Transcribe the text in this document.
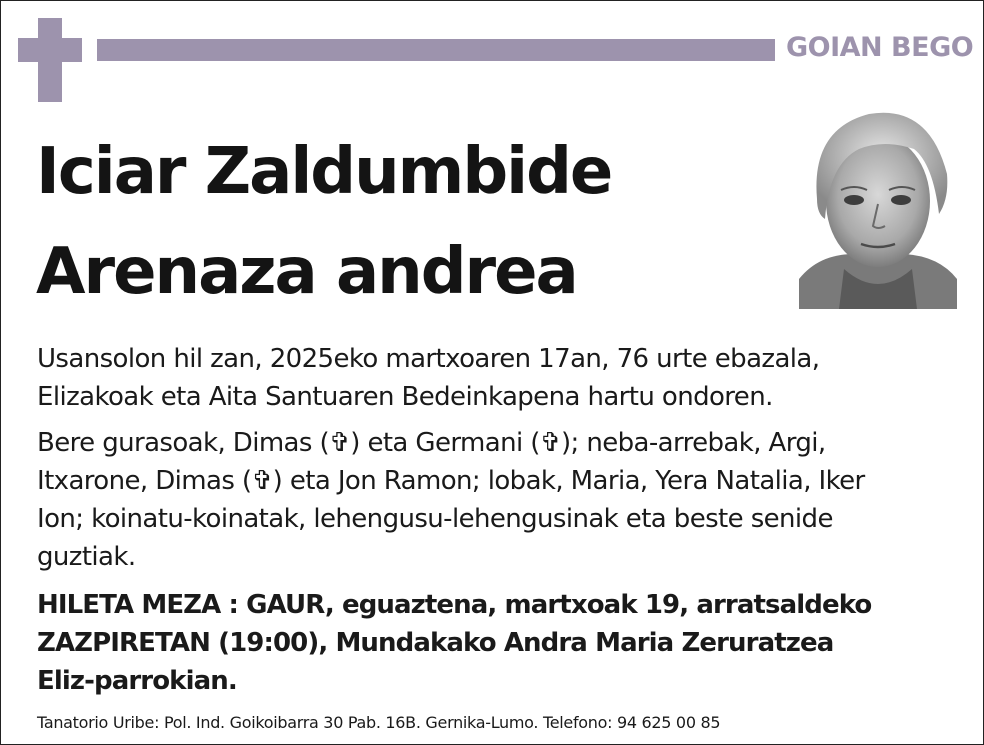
GOIAN BEGO
Iciar Zaldumbide
Arenaza andrea
Usansolon hil zan, 2025eko martxoaren 17an, 76 urte ebazala,
Elizakoak eta Aita Santuaren Bedeinkapena hartu ondoren.
Bere gurasoak, Dimas (✞) eta Germani (✞); neba-arrebak, Argi,
Itxarone, Dimas (✞) eta Jon Ramon; lobak, Maria, Yera Natalia, Iker
Ion; koinatu-koinatak, lehengusu-lehengusinak eta beste senide
guztiak.
HILETA MEZA : GAUR, eguaztena, martxoak 19, arratsaldeko
ZAZPIRETAN (19:00), Mundakako Andra Maria Zeruratzea
Eliz-parrokian.
Tanatorio Uribe: Pol. Ind. Goikoibarra 30 Pab. 16B. Gernika-Lumo. Telefono: 94 625 00 85
